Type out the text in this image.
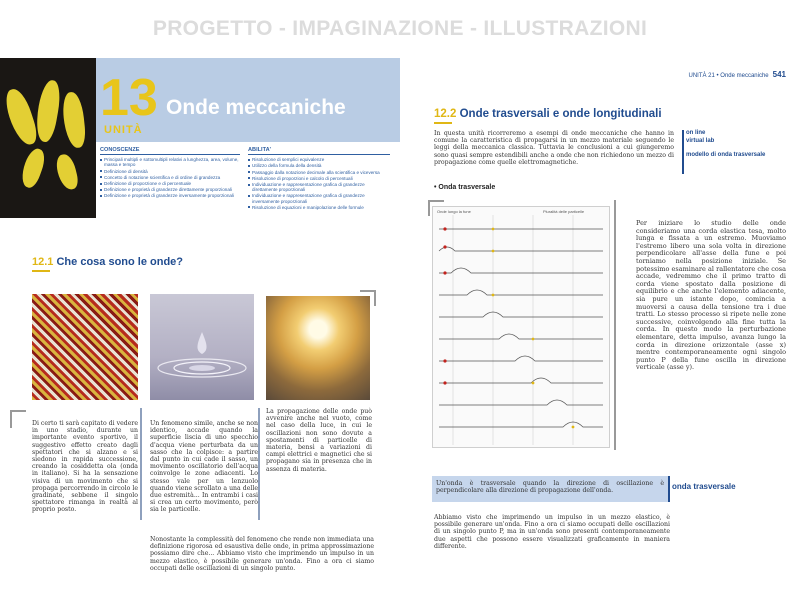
PROGETTO - IMPAGINAZIONE - ILLUSTRAZIONI
13
UNITÀ
Onde meccaniche
CONOSCENZE
Principali multipli e sottomultipli relativi a lunghezza, area, volume, massa e tempo
Definizione di densità
Concetto di notazione scientifica e di ordine di grandezza
Definizione di proporzione e di percentuale
Definizione e proprietà di grandezze direttamente proporzionali
Definizione e proprietà di grandezze inversamente proporzionali
ABILITA'
Risoluzione di semplici equivalenze
Utilizzo della formula della densità
Passaggio dalla notazione decimale alla scientifica e viceversa
Risoluzione di proporzioni e calcolo di percentuali
Individuazione e rappresentazione grafica di grandezze direttamente proporzionali
Individuazione e rappresentazione grafica di grandezze inversamente proporzionali
Risoluzione di equazioni e manipolazione delle formule
12.1 Che cosa sono le onde?
Di certo ti sarà capitato di vedere in uno stadio, durante un importante evento sportivo, il suggestivo effetto creato dagli spettatori che si alzano e si siedono in rapida successione, creando la cosiddetta ola (onda in italiano). Si ha la sensazione visiva di un movimento che si propaga percorrendo in circolo le gradinate, sebbene il singolo spettatore rimanga in realtà al proprio posto.
Un fenomeno simile, anche se non identico, accade quando la superficie liscia di uno specchio d'acqua viene perturbata da un sasso che la colpisce: a partire dal punto in cui cade il sasso, un movimento oscillatorio dell'acqua coinvolge le zone adiacenti. Lo stesso vale per un lenzuolo quando viene scrollato a una delle due estremità... In entrambi i casi si crea un certo movimento, però sia le particelle.
La propagazione delle onde può avvenire anche nel vuoto, come nel caso della luce, in cui le oscillazioni non sono dovute a spostamenti di particelle di materia, bensì a variazioni di campi elettrici e magnetici che si propagano sia in presenza che in assenza di materia.
Nonostante la complessità del fenomeno che rende non immediata una definizione rigorosa ed esaustiva delle onde, in prima approssimazione possiamo dire che... Abbiamo visto che imprimendo un impulso in un mezzo elastico, è possibile generare un'onda. Fino a ora ci siamo occupati delle oscillazioni di un singolo punto.
UNITÀ 21 • Onde meccaniche 541
12.2 Onde trasversali e onde longitudinali
In questa unità ricorreremo a esempi di onde meccaniche che hanno in comune la caratteristica di propagarsi in un mezzo materiale seguendo le leggi della meccanica classica. Tuttavia le conclusioni a cui giungeremo sono quasi sempre estendibili anche a onde che non richiedono un mezzo di propagazione come quelle elettromagnetiche.
on line
virtual lab
modello di onda trasversale
• Onda trasversale
Onde lungo la fune	Pluralità delle particelle
Per iniziare lo studio delle onde consideriamo una corda elastica tesa, molto lunga e fissata a un estremo. Muoviamo l'estremo libero una sola volta in direzione perpendicolare all'asse della fune e poi torniamo nella posizione iniziale. Se potessimo esaminare al rallentatore che cosa accade, vedremmo che il primo tratto di corda viene spostato dalla posizione di equilibrio e che anche l'elemento adiacente, sia pure un istante dopo, comincia a muoversi a causa della tensione tra i due tratti. Lo stesso processo si ripete nelle zone successive, coinvolgendo alla fine tutta la corda. In questo modo la perturbazione elementare, detta impulso, avanza lungo la corda in direzione orizzontale (asse x) mentre contemporaneamente ogni singolo punto P della fune oscilla in direzione verticale (asse y).
Un'onda è trasversale quando la direzione di oscillazione è perpendicolare alla direzione di propagazione dell'onda.	onda trasversale
Abbiamo visto che imprimendo un impulso in un mezzo elastico, è possibile generare un'onda. Fino a ora ci siamo occupati delle oscillazioni di un singolo punto P, ma in un'onda sono presenti contemporaneamente due aspetti che possono essere visualizzati graficamente in maniera differente.
